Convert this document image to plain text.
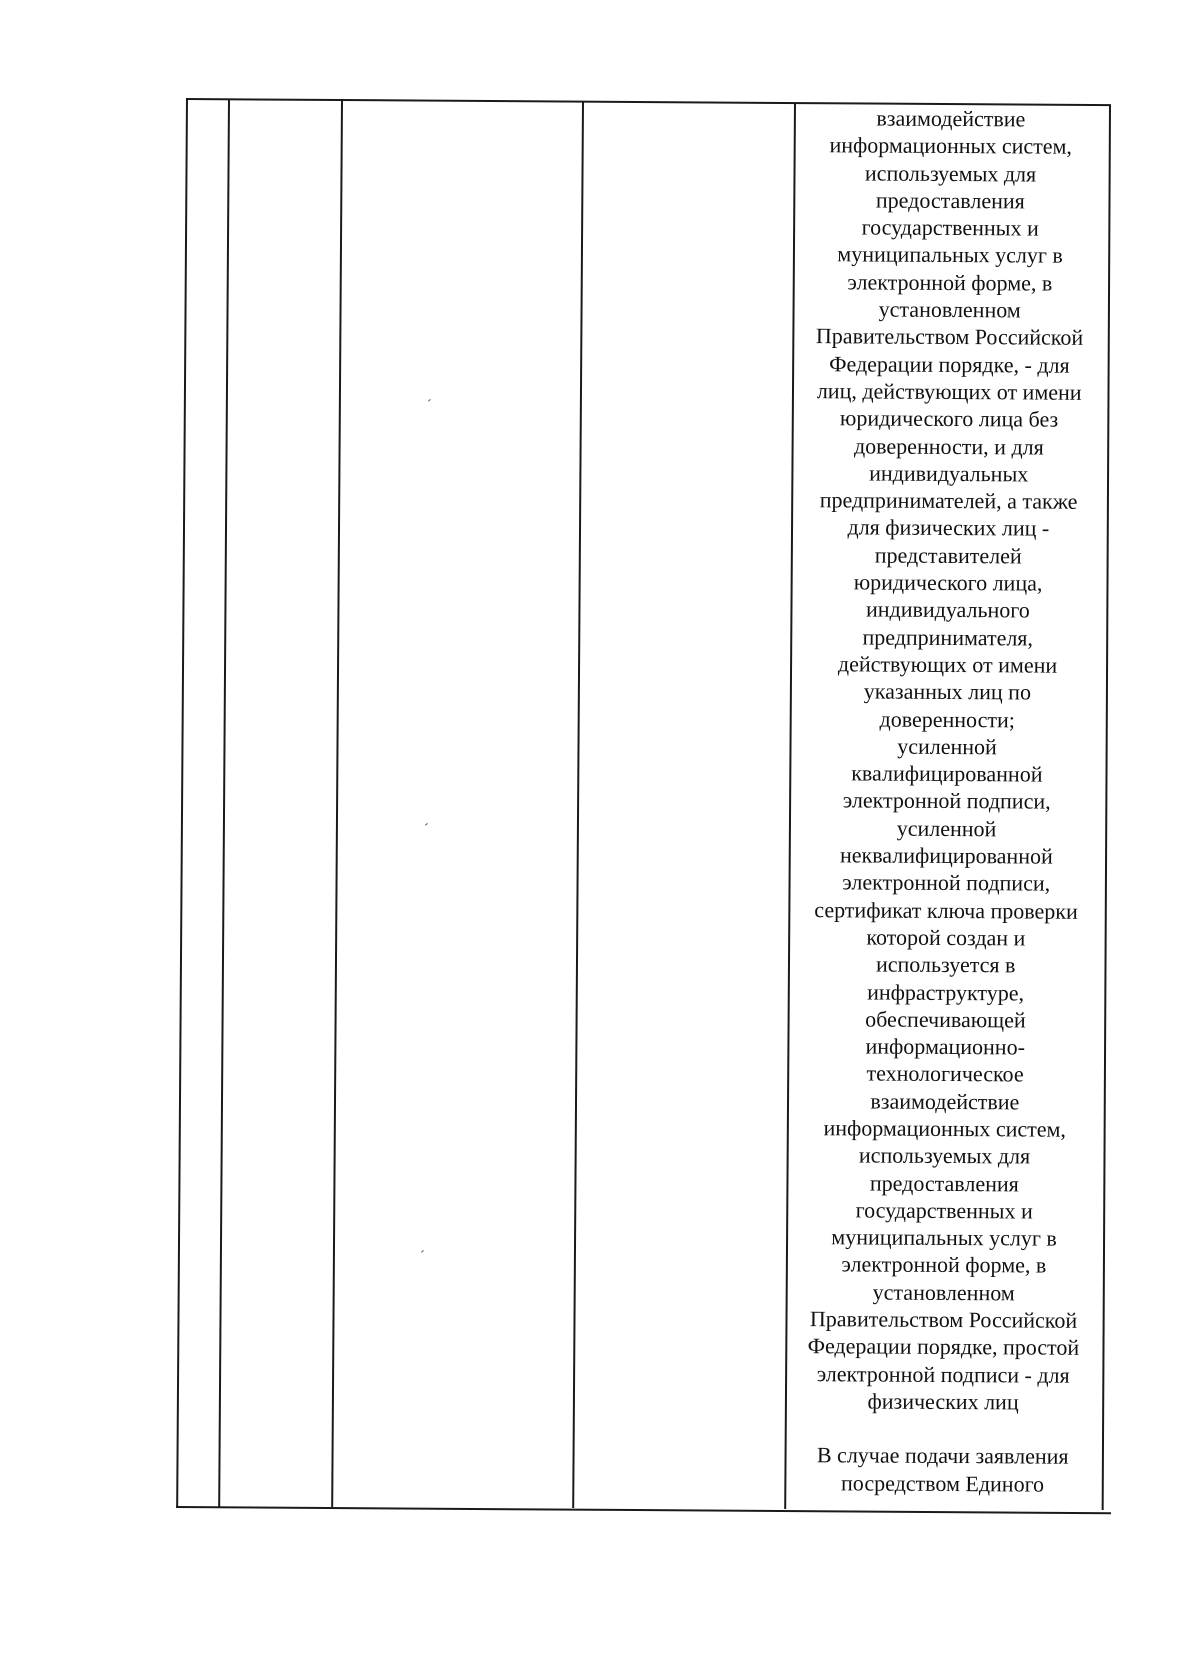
ˊ
ˊ
ˊ
взаимодействие
информационных систем,
используемых для
предоставления
государственных и
муниципальных услуг в
электронной форме, в
установленном
Правительством Российской
Федерации порядке, - для
лиц, действующих от имени
юридического лица без
доверенности, и для
индивидуальных
предпринимателей, а также
для физических лиц -
представителей
юридического лица,
индивидуального
предпринимателя,
действующих от имени
указанных лиц по
доверенности;
усиленной
квалифицированной
электронной подписи,
усиленной
неквалифицированной
электронной подписи,
сертификат ключа проверки
которой создан и
используется в
инфраструктуре,
обеспечивающей
информационно-
технологическое
взаимодействие
информационных систем,
используемых для
предоставления
государственных и
муниципальных услуг в
электронной форме, в
установленном
Правительством Российской
Федерации порядке, простой
электронной подписи - для
физических лиц
В случае подачи заявления
посредством Единого
